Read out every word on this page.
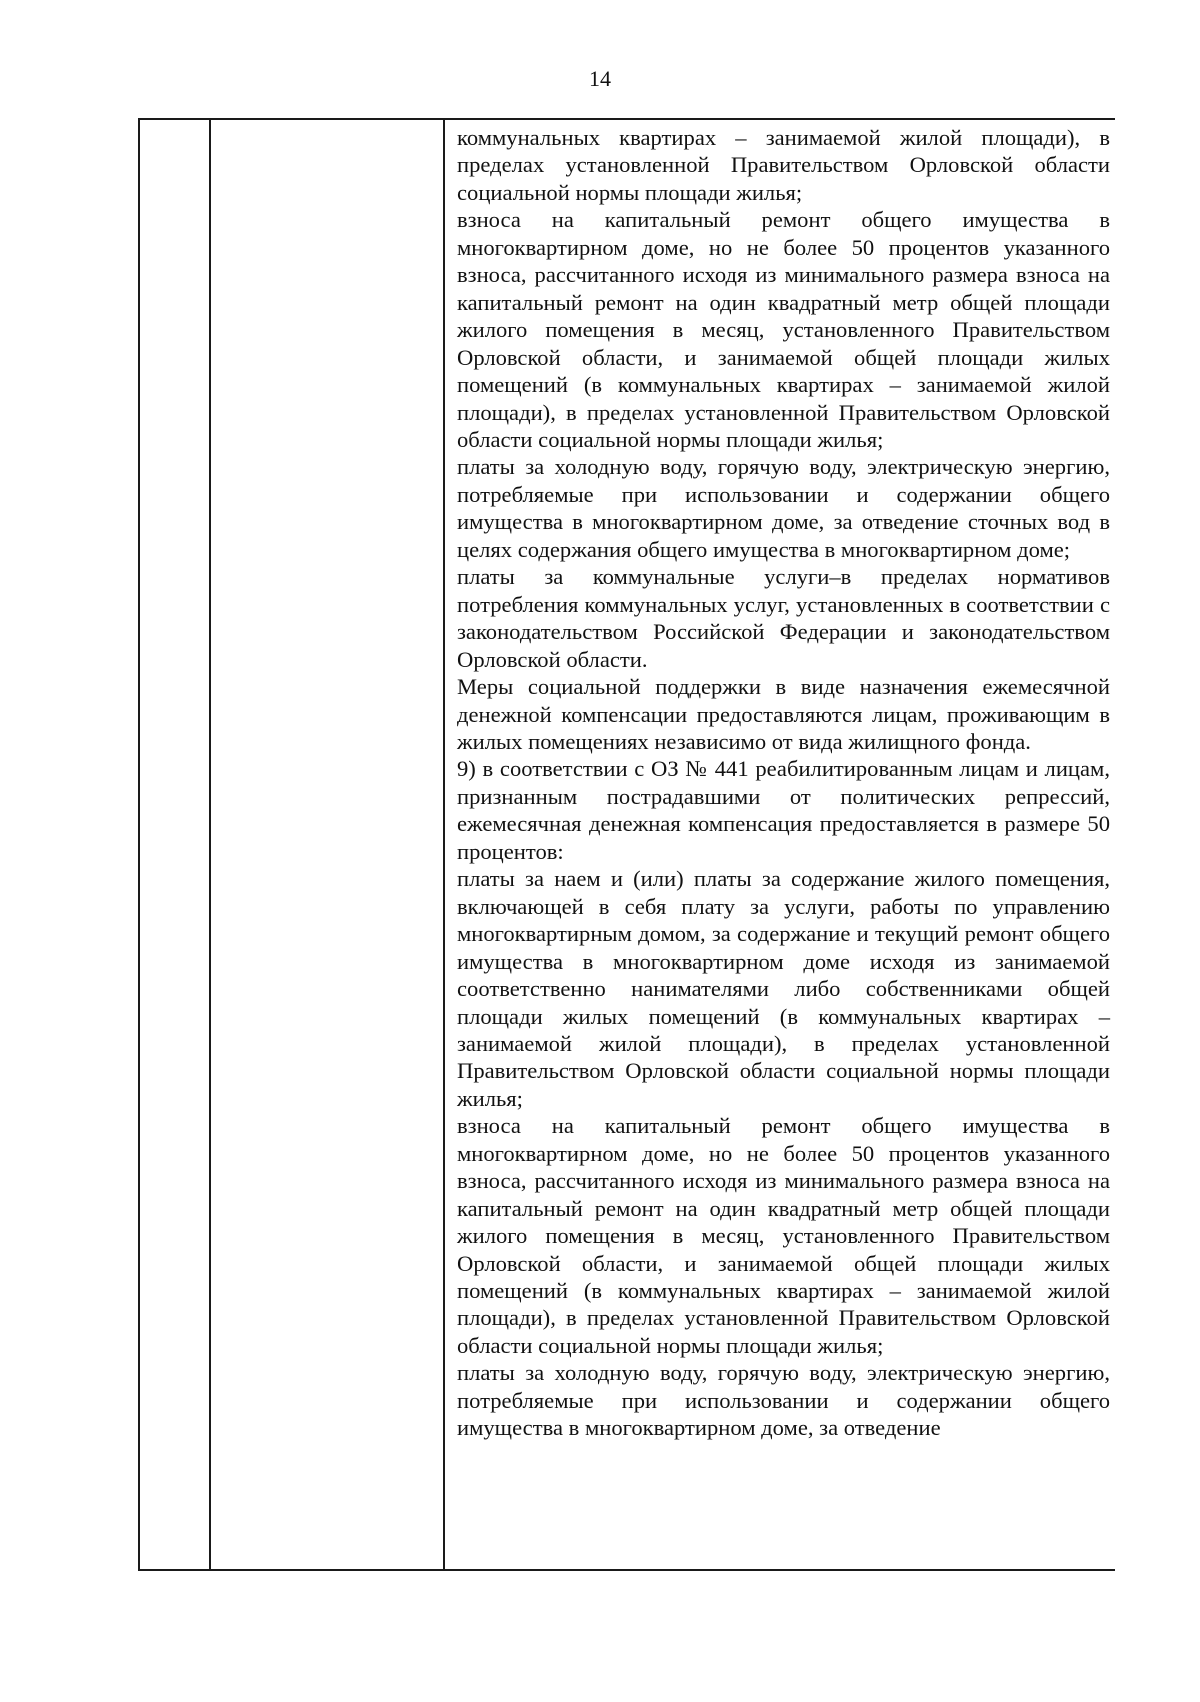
14

коммунальных квартирах – занимаемой жилой площади), в пределах установленной Правительством Орловской области социальной нормы площади жилья;

взноса на капитальный ремонт общего имущества в многоквартирном доме, но не более 50 процентов указанного взноса, рассчитанного исходя из минимального размера взноса на капитальный ремонт на один квадратный метр общей площади жилого помещения в месяц, установленного Правительством Орловской области, и занимаемой общей площади жилых помещений (в коммунальных квартирах – занимаемой жилой площади), в пределах установленной Правительством Орловской области социальной нормы площади жилья;

платы за холодную воду, горячую воду, электрическую энергию, потребляемые при использовании и содержании общего имущества в многоквартирном доме, за отведение сточных вод в целях содержания общего имущества в многоквартирном доме;

платы за коммунальные услуги–в пределах нормативов потребления коммунальных услуг, установленных в соответствии с законодательством Российской Федерации и законодательством Орловской области.

Меры социальной поддержки в виде назначения ежемесячной денежной компенсации предоставляются лицам, проживающим в жилых помещениях независимо от вида жилищного фонда.

9) в соответствии с ОЗ № 441 реабилитированным лицам и лицам, признанным пострадавшими от политических репрессий, ежемесячная денежная компенсация предоставляется в размере 50 процентов:

платы за наем и (или) платы за содержание жилого помещения, включающей в себя плату за услуги, работы по управлению многоквартирным домом, за содержание и текущий ремонт общего имущества в многоквартирном доме исходя из занимаемой соответственно нанимателями либо собственниками общей площади жилых помещений (в коммунальных квартирах – занимаемой жилой площади), в пределах установленной Правительством Орловской области социальной нормы площади жилья;

взноса на капитальный ремонт общего имущества в многоквартирном доме, но не более 50 процентов указанного взноса, рассчитанного исходя из минимального размера взноса на капитальный ремонт на один квадратный метр общей площади жилого помещения в месяц, установленного Правительством Орловской области, и занимаемой общей площади жилых помещений (в коммунальных квартирах – занимаемой жилой площади), в пределах установленной Правительством Орловской области социальной нормы площади жилья;

платы за холодную воду, горячую воду, электрическую энергию, потребляемые при использовании и содержании общего имущества в многоквартирном доме, за отведение
